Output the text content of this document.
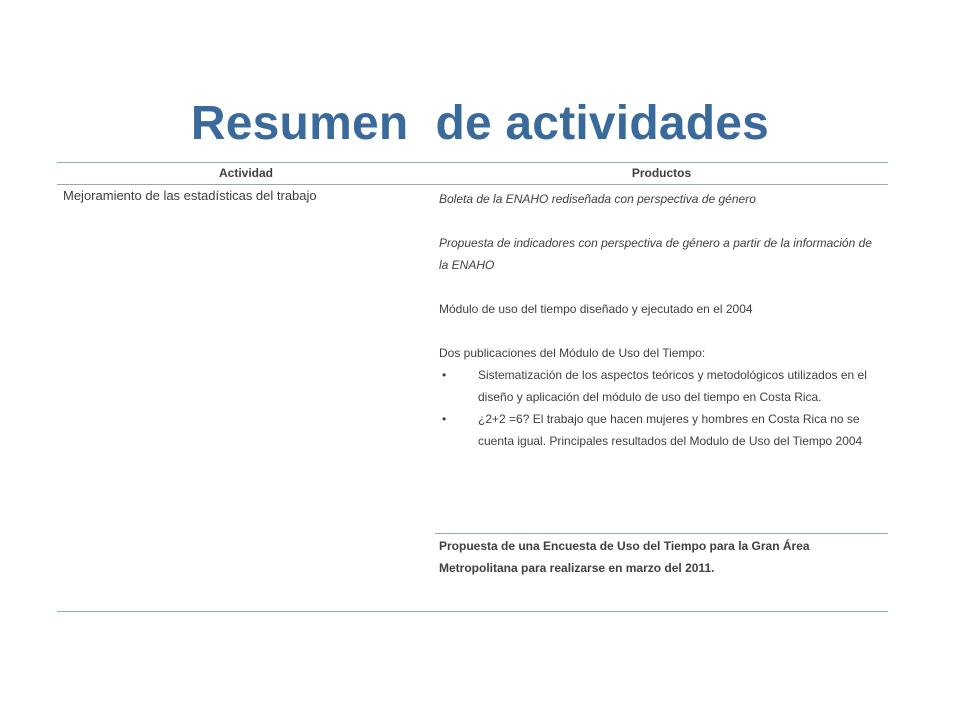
Resumen  de actividades
Actividad	Productos
Mejoramiento de las estadísticas del trabajo	Boleta de la ENAHO rediseñada con perspectiva de género

Propuesta de indicadores con perspectiva de género a partir de la información de la ENAHO

Módulo de uso del tiempo diseñado y ejecutado en el 2004

Dos publicaciones del Módulo de Uso del Tiempo:

•	Sistematización de los aspectos teóricos y metodológicos utilizados en el diseño y aplicación del módulo de uso del tiempo en Costa Rica.
•	¿2+2 =6? El trabajo que hacen mujeres y hombres en Costa Rica no se cuenta igual. Principales resultados del Modulo de Uso del Tiempo 2004
Propuesta de una Encuesta de Uso del Tiempo para la Gran Área Metropolitana para realizarse en marzo del 2011.
